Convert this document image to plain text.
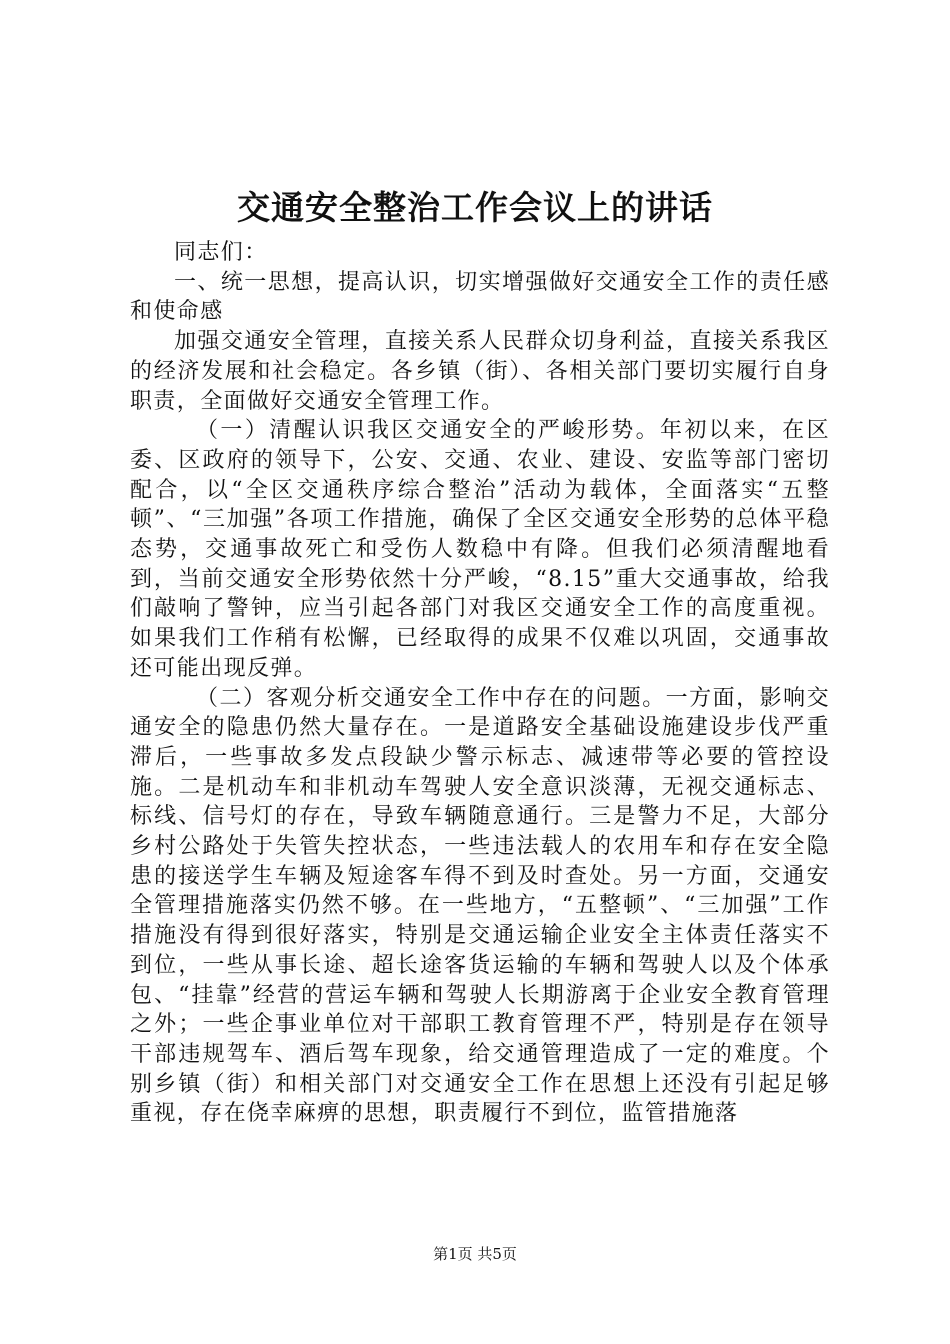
交通安全整治工作会议上的讲话

同志们：

一、统一思想，提高认识，切实增强做好交通安全工作的责任感和使命感

加强交通安全管理，直接关系人民群众切身利益，直接关系我区的经济发展和社会稳定。各乡镇（街）、各相关部门要切实履行自身职责，全面做好交通安全管理工作。

（一）清醒认识我区交通安全的严峻形势。年初以来，在区委、区政府的领导下，公安、交通、农业、建设、安监等部门密切配合，以“全区交通秩序综合整治”活动为载体，全面落实“五整顿”、“三加强”各项工作措施，确保了全区交通安全形势的总体平稳态势，交通事故死亡和受伤人数稳中有降。但我们必须清醒地看到，当前交通安全形势依然十分严峻，“8.15”重大交通事故，给我们敲响了警钟，应当引起各部门对我区交通安全工作的高度重视。如果我们工作稍有松懈，已经取得的成果不仅难以巩固，交通事故还可能出现反弹。

（二）客观分析交通安全工作中存在的问题。一方面，影响交通安全的隐患仍然大量存在。一是道路安全基础设施建设步伐严重滞后，一些事故多发点段缺少警示标志、减速带等必要的管控设施。二是机动车和非机动车驾驶人安全意识淡薄，无视交通标志、标线、信号灯的存在，导致车辆随意通行。三是警力不足，大部分乡村公路处于失管失控状态，一些违法载人的农用车和存在安全隐患的接送学生车辆及短途客车得不到及时查处。另一方面，交通安全管理措施落实仍然不够。在一些地方，“五整顿”、“三加强”工作措施没有得到很好落实，特别是交通运输企业安全主体责任落实不到位，一些从事长途、超长途客货运输的车辆和驾驶人以及个体承包、“挂靠”经营的营运车辆和驾驶人长期游离于企业安全教育管理之外；一些企事业单位对干部职工教育管理不严，特别是存在领导干部违规驾车、酒后驾车现象，给交通管理造成了一定的难度。个别乡镇（街）和相关部门对交通安全工作在思想上还没有引起足够重视，存在侥幸麻痹的思想，职责履行不到位，监管措施落

第1页 共5页
